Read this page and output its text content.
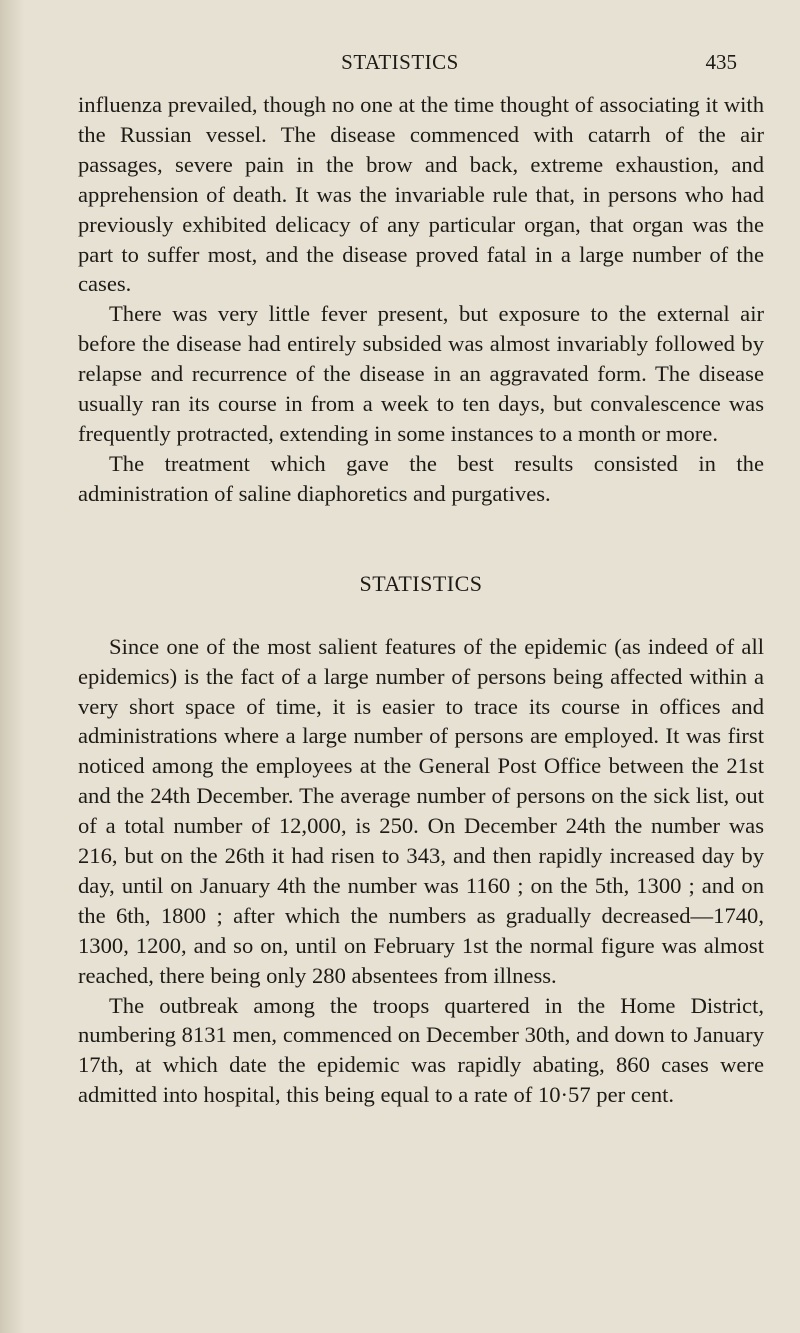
STATISTICS	435

influenza prevailed, though no one at the time thought of associating it with the Russian vessel. The disease commenced with catarrh of the air passages, severe pain in the brow and back, extreme exhaustion, and apprehension of death. It was the invariable rule that, in persons who had previously exhibited delicacy of any particular organ, that organ was the part to suffer most, and the disease proved fatal in a large number of the cases.

There was very little fever present, but exposure to the external air before the disease had entirely subsided was almost invariably followed by relapse and recurrence of the disease in an aggravated form. The disease usually ran its course in from a week to ten days, but convalescence was frequently protracted, extending in some instances to a month or more.

The treatment which gave the best results consisted in the administration of saline diaphoretics and purgatives.

STATISTICS

Since one of the most salient features of the epidemic (as indeed of all epidemics) is the fact of a large number of persons being affected within a very short space of time, it is easier to trace its course in offices and administrations where a large number of persons are employed. It was first noticed among the employees at the General Post Office between the 21st and the 24th December. The average number of persons on the sick list, out of a total number of 12,000, is 250. On December 24th the number was 216, but on the 26th it had risen to 343, and then rapidly increased day by day, until on January 4th the number was 1160 ; on the 5th, 1300 ; and on the 6th, 1800 ; after which the numbers as gradually decreased—1740, 1300, 1200, and so on, until on February 1st the normal figure was almost reached, there being only 280 absentees from illness.

The outbreak among the troops quartered in the Home District, numbering 8131 men, commenced on December 30th, and down to January 17th, at which date the epidemic was rapidly abating, 860 cases were admitted into hospital, this being equal to a rate of 10·57 per cent.
